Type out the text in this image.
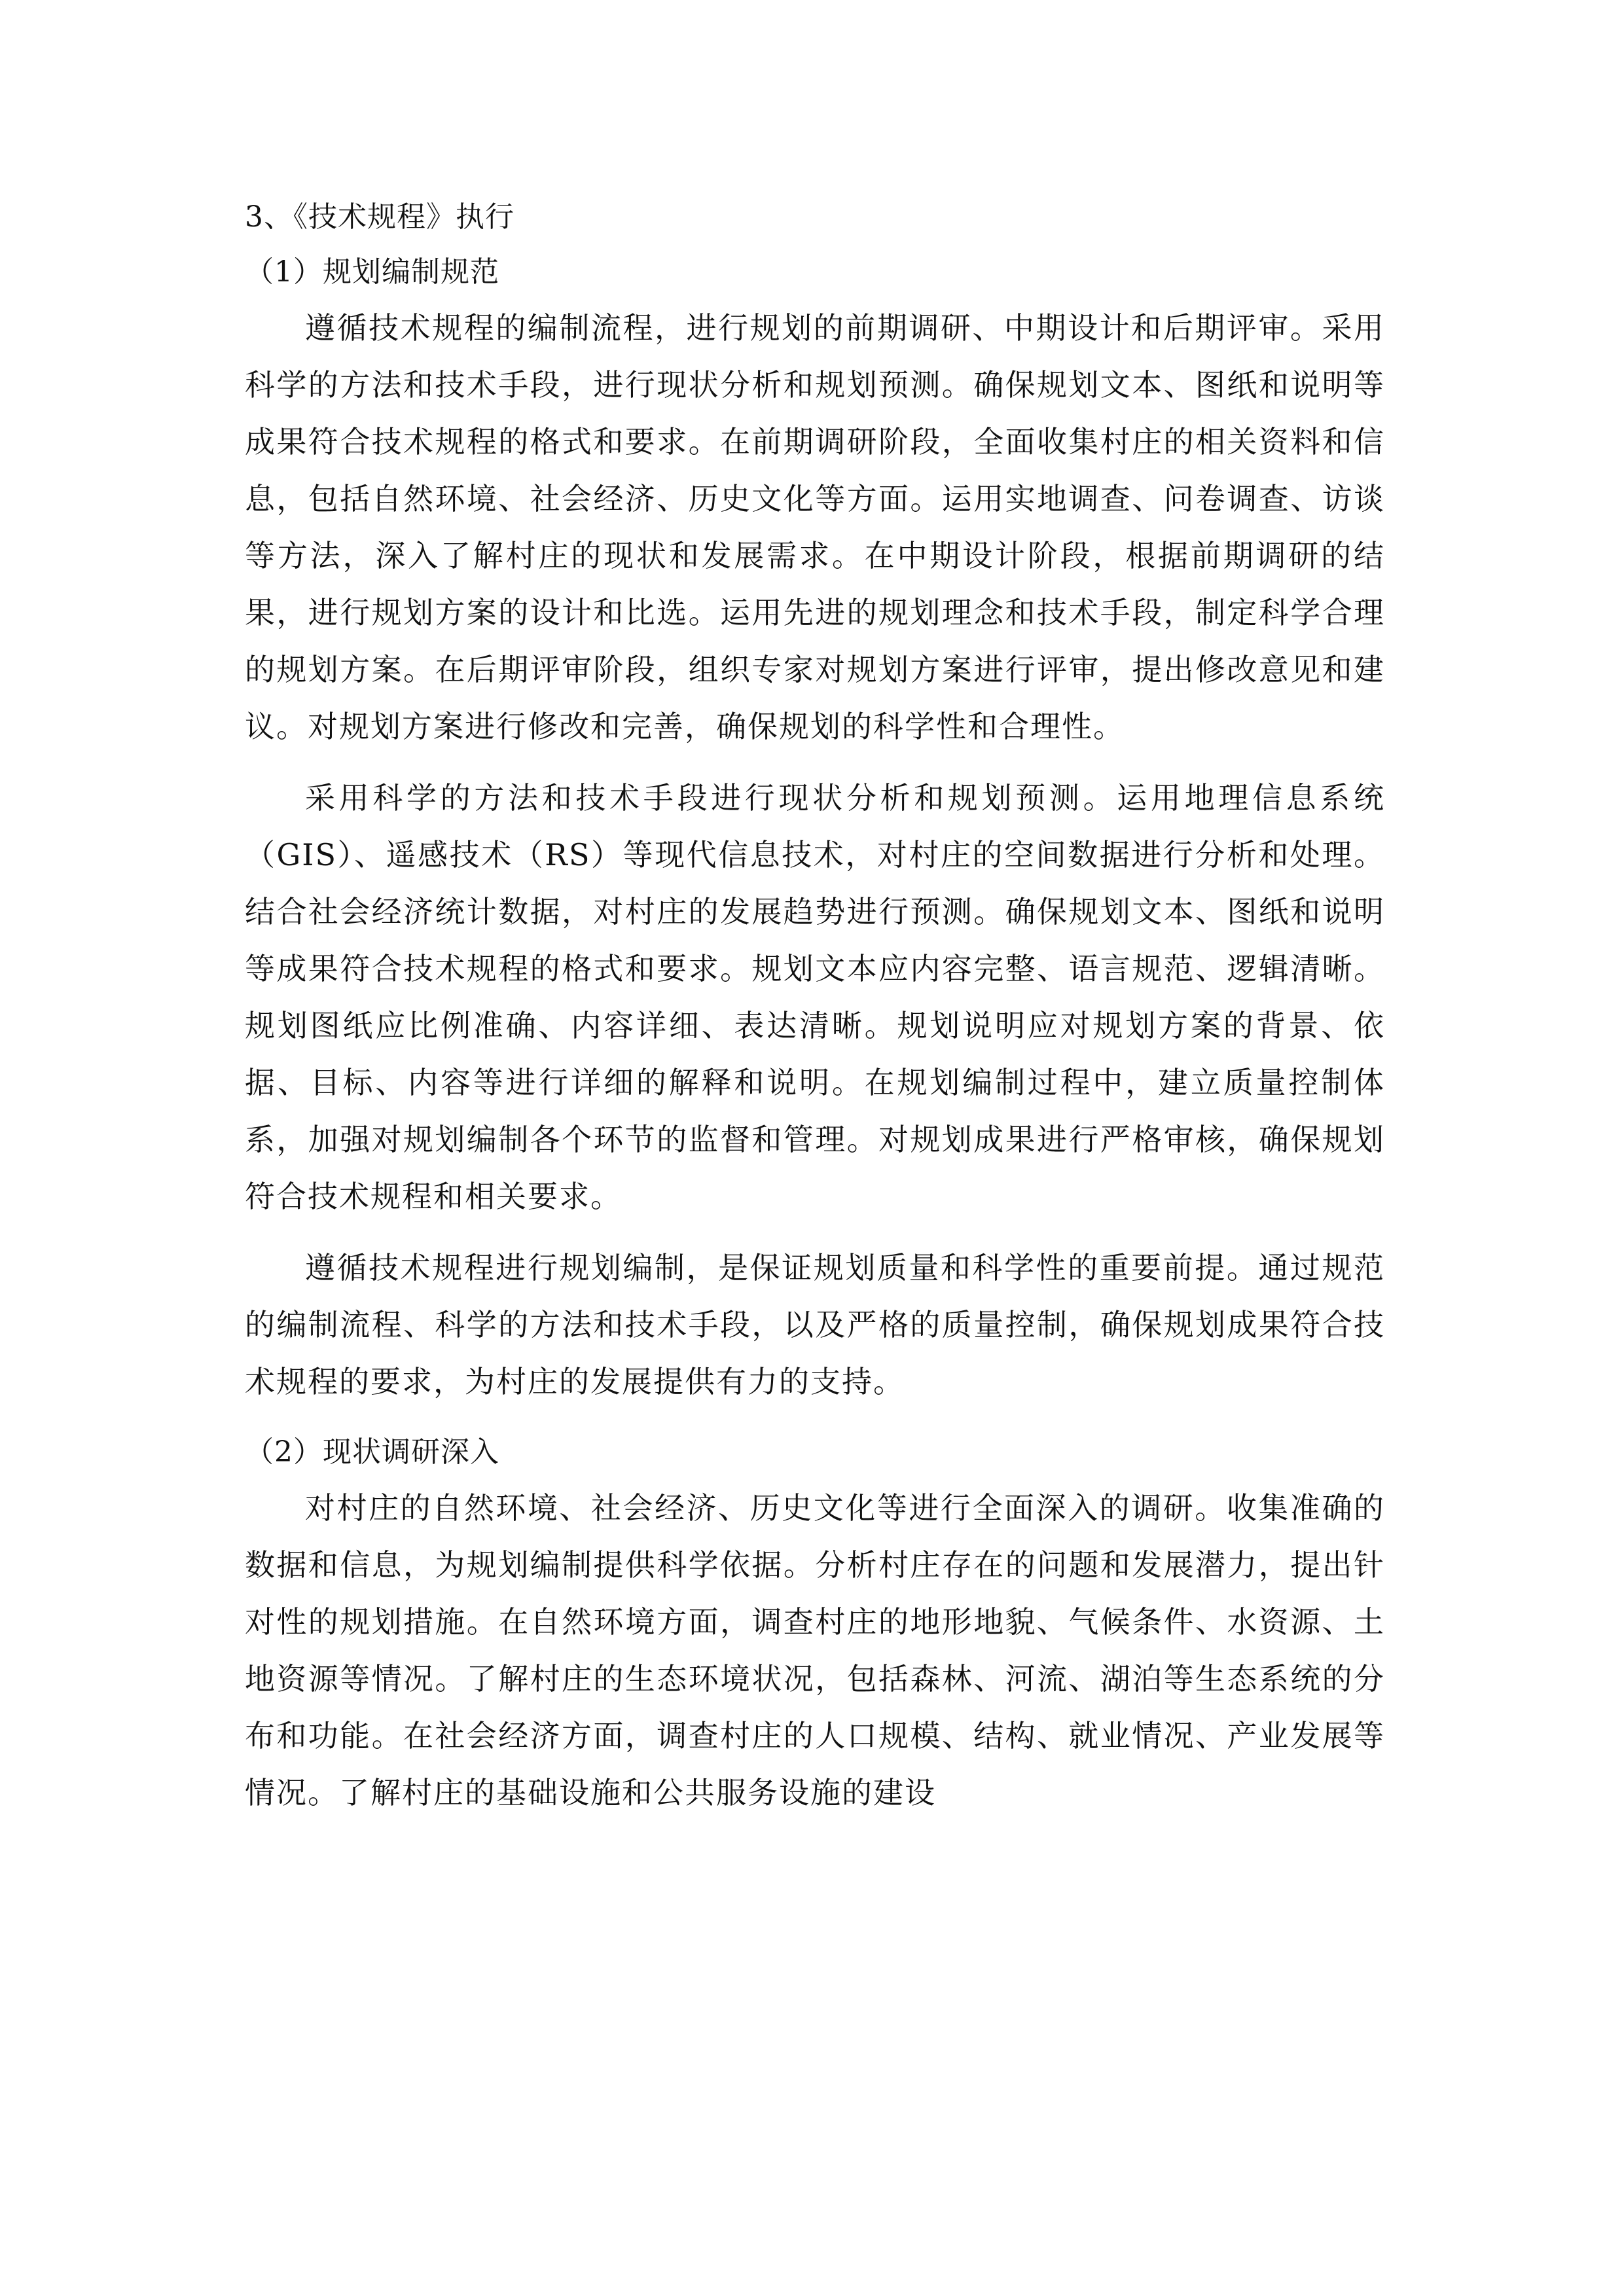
3、《技术规程》执行

（1）规划编制规范

遵循技术规程的编制流程，进行规划的前期调研、中期设计和后期评审。采用科学的方法和技术手段，进行现状分析和规划预测。确保规划文本、图纸和说明等成果符合技术规程的格式和要求。在前期调研阶段，全面收集村庄的相关资料和信息，包括自然环境、社会经济、历史文化等方面。运用实地调查、问卷调查、访谈等方法，深入了解村庄的现状和发展需求。在中期设计阶段，根据前期调研的结果，进行规划方案的设计和比选。运用先进的规划理念和技术手段，制定科学合理的规划方案。在后期评审阶段，组织专家对规划方案进行评审，提出修改意见和建议。对规划方案进行修改和完善，确保规划的科学性和合理性。

采用科学的方法和技术手段进行现状分析和规划预测。运用地理信息系统（GIS）、遥感技术（RS）等现代信息技术，对村庄的空间数据进行分析和处理。结合社会经济统计数据，对村庄的发展趋势进行预测。确保规划文本、图纸和说明等成果符合技术规程的格式和要求。规划文本应内容完整、语言规范、逻辑清晰。规划图纸应比例准确、内容详细、表达清晰。规划说明应对规划方案的背景、依据、目标、内容等进行详细的解释和说明。在规划编制过程中，建立质量控制体系，加强对规划编制各个环节的监督和管理。对规划成果进行严格审核，确保规划符合技术规程和相关要求。

遵循技术规程进行规划编制，是保证规划质量和科学性的重要前提。通过规范的编制流程、科学的方法和技术手段，以及严格的质量控制，确保规划成果符合技术规程的要求，为村庄的发展提供有力的支持。

（2）现状调研深入

对村庄的自然环境、社会经济、历史文化等进行全面深入的调研。收集准确的数据和信息，为规划编制提供科学依据。分析村庄存在的问题和发展潜力，提出针对性的规划措施。在自然环境方面，调查村庄的地形地貌、气候条件、水资源、土地资源等情况。了解村庄的生态环境状况，包括森林、河流、湖泊等生态系统的分布和功能。在社会经济方面，调查村庄的人口规模、结构、就业情况、产业发展等情况。了解村庄的基础设施和公共服务设施的建设
